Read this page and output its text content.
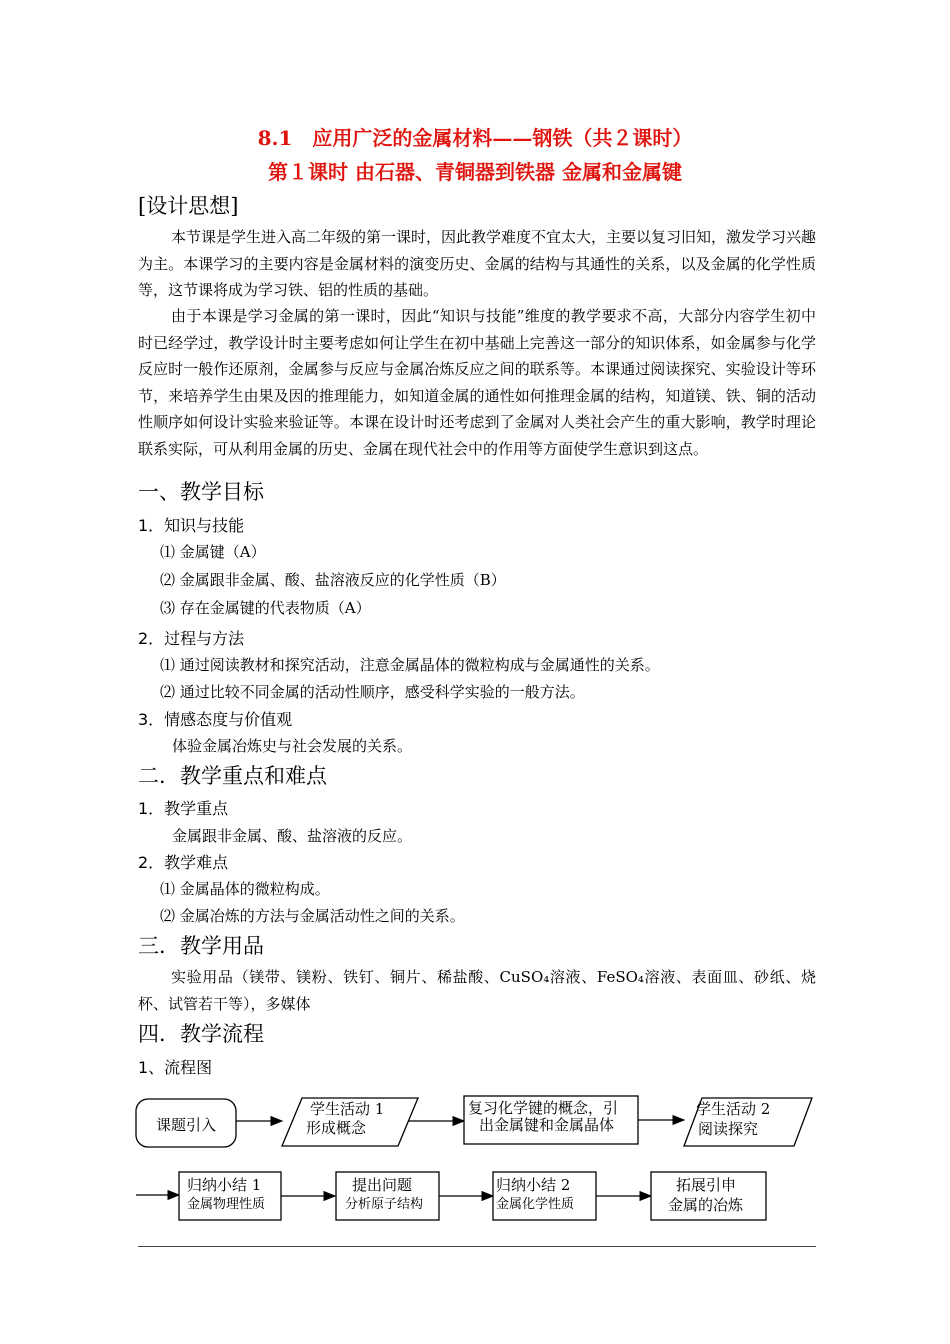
8.1　应用广泛的金属材料——钢铁（共２课时）
第１课时 由石器、青铜器到铁器 金属和金属键
[设计思想]

本节课是学生进入高二年级的第一课时，因此教学难度不宜太大，主要以复习旧知，激发学习兴趣为主。本课学习的主要内容是金属材料的演变历史、金属的结构与其通性的关系，以及金属的化学性质等，这节课将成为学习铁、铝的性质的基础。

由于本课是学习金属的第一课时，因此“知识与技能”维度的教学要求不高，大部分内容学生初中时已经学过，教学设计时主要考虑如何让学生在初中基础上完善这一部分的知识体系，如金属参与化学反应时一般作还原剂，金属参与反应与金属冶炼反应之间的联系等。本课通过阅读探究、实验设计等环节，来培养学生由果及因的推理能力，如知道金属的通性如何推理金属的结构，知道镁、铁、铜的活动性顺序如何设计实验来验证等。本课在设计时还考虑到了金属对人类社会产生的重大影响，教学时理论联系实际，可从利用金属的历史、金属在现代社会中的作用等方面使学生意识到这点。

一、教学目标
1．知识与技能
⑴ 金属键（A）
⑵ 金属跟非金属、酸、盐溶液反应的化学性质（B）
⑶ 存在金属键的代表物质（A）
2．过程与方法
⑴ 通过阅读教材和探究活动，注意金属晶体的微粒构成与金属通性的关系。
⑵ 通过比较不同金属的活动性顺序，感受科学实验的一般方法。
3．情感态度与价值观
体验金属冶炼史与社会发展的关系。
二．教学重点和难点
1．教学重点
金属跟非金属、酸、盐溶液的反应。
2．教学难点
⑴ 金属晶体的微粒构成。
⑵ 金属冶炼的方法与金属活动性之间的关系。
三．教学用品

实验用品（镁带、镁粉、铁钉、铜片、稀盐酸、CuSO₄溶液、FeSO₄溶液、表面皿、砂纸、烧杯、试管若干等），多媒体

四．教学流程
1、流程图
课题引入
学生活动 1
形成概念
复习化学键的概念，引
出金属键和金属晶体
学生活动 2
阅读探究
归纳小结 1
金属物理性质
提出问题
分析原子结构
归纳小结 2
金属化学性质
拓展引申
金属的冶炼
